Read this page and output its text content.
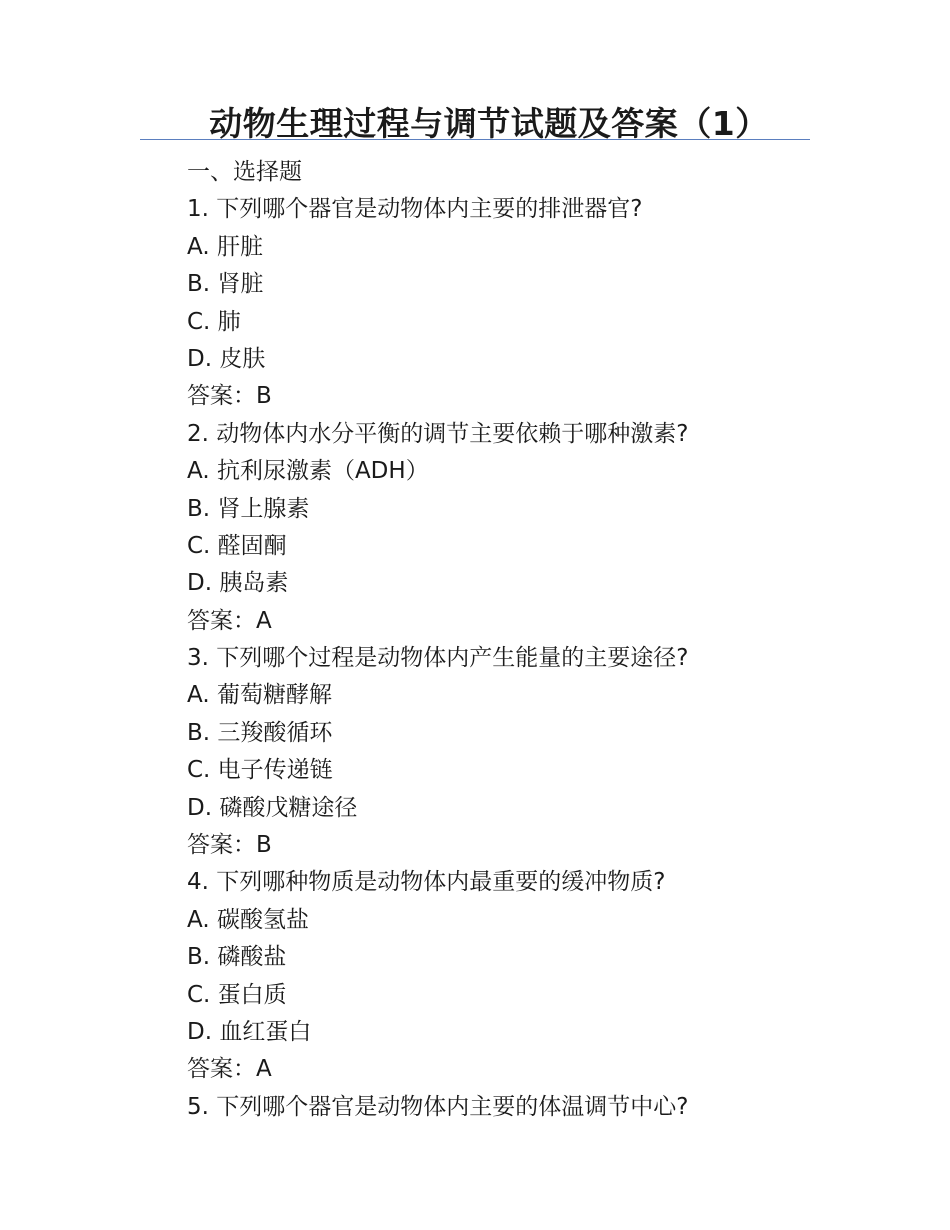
动物生理过程与调节试题及答案（1）
一、选择题
1. 下列哪个器官是动物体内主要的排泄器官?
A. 肝脏
B. 肾脏
C. 肺
D. 皮肤
答案：B
2. 动物体内水分平衡的调节主要依赖于哪种激素?
A. 抗利尿激素（ADH）
B. 肾上腺素
C. 醛固酮
D. 胰岛素
答案：A
3. 下列哪个过程是动物体内产生能量的主要途径?
A. 葡萄糖酵解
B. 三羧酸循环
C. 电子传递链
D. 磷酸戊糖途径
答案：B
4. 下列哪种物质是动物体内最重要的缓冲物质?
A. 碳酸氢盐
B. 磷酸盐
C. 蛋白质
D. 血红蛋白
答案：A
5. 下列哪个器官是动物体内主要的体温调节中心?
